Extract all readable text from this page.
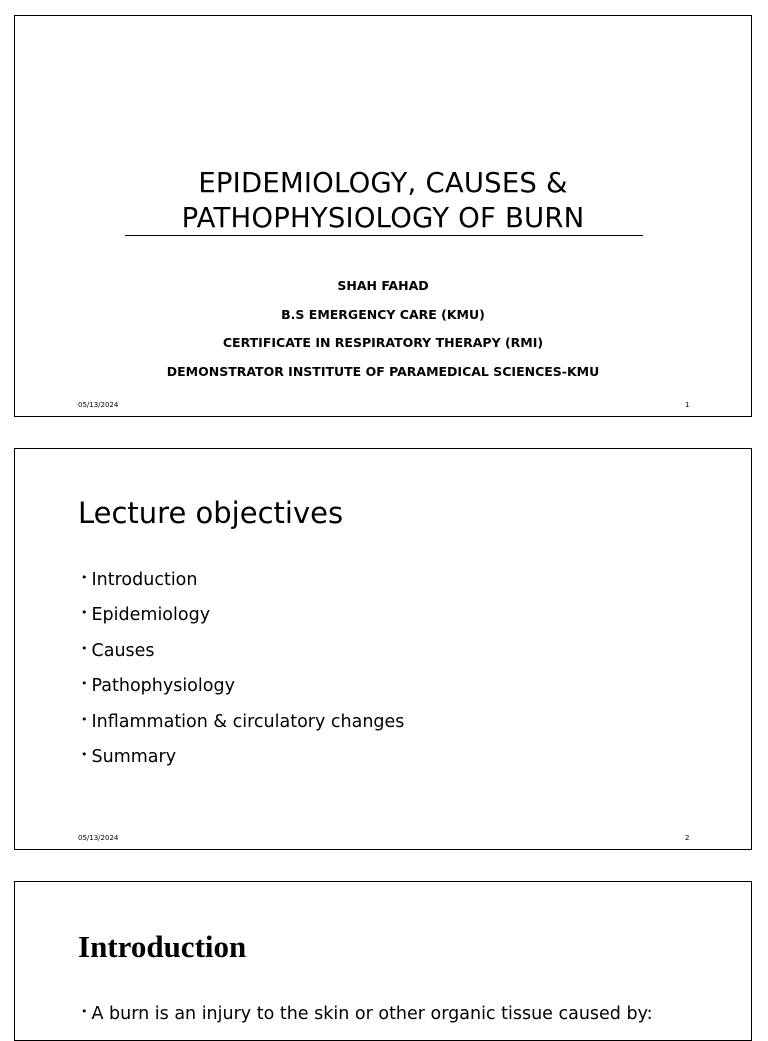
EPIDEMIOLOGY, CAUSES &
PATHOPHYSIOLOGY OF BURN
SHAH FAHAD
B.S EMERGENCY CARE (KMU)
CERTIFICATE IN RESPIRATORY THERAPY (RMI)
DEMONSTRATOR INSTITUTE OF PARAMEDICAL SCIENCES-KMU
05/13/2024	1
Lecture objectives
• Introduction
• Epidemiology
• Causes
• Pathophysiology
• Inflammation & circulatory changes
• Summary
05/13/2024	2
Introduction
• A burn is an injury to the skin or other organic tissue caused by:
